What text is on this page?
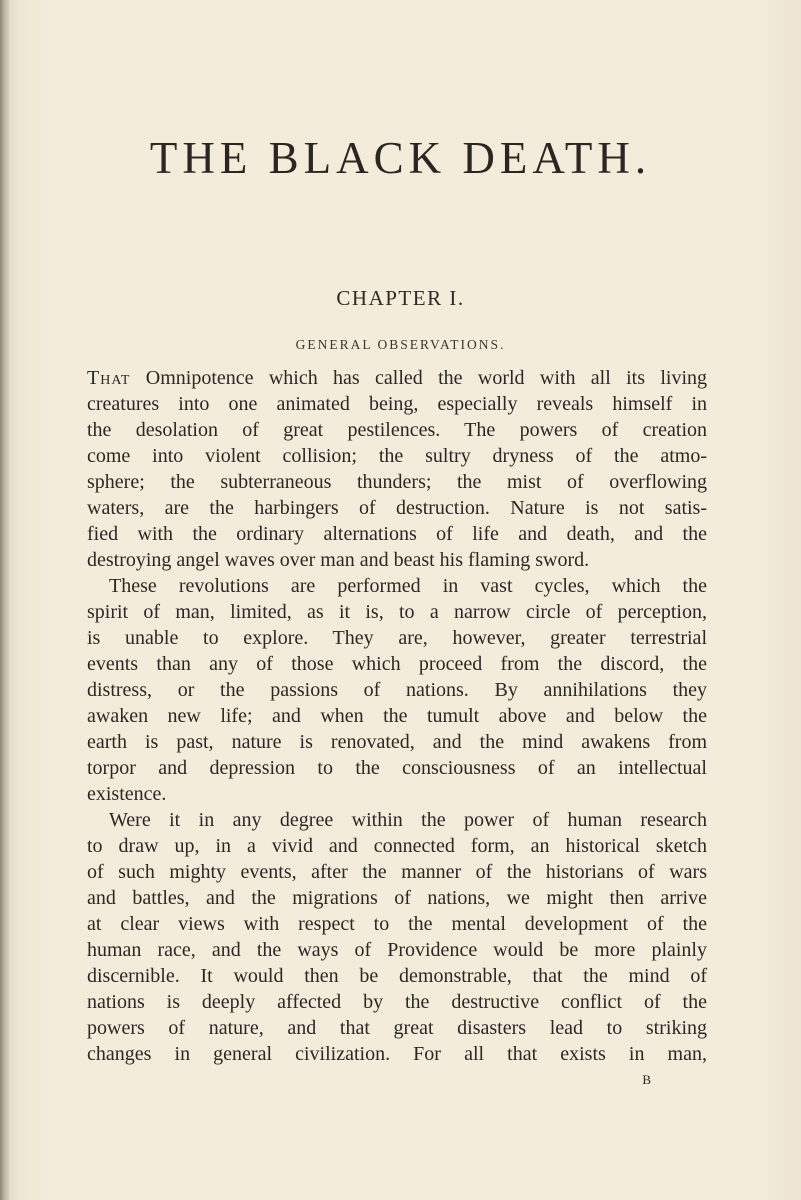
THE BLACK DEATH.
CHAPTER I.
GENERAL OBSERVATIONS.
That Omnipotence which has called the world with all its living
creatures into one animated being, especially reveals himself in
the desolation of great pestilences. The powers of creation
come into violent collision; the sultry dryness of the atmo-
sphere; the subterraneous thunders; the mist of overflowing
waters, are the harbingers of destruction. Nature is not satis-
fied with the ordinary alternations of life and death, and the
destroying angel waves over man and beast his flaming sword.
These revolutions are performed in vast cycles, which the
spirit of man, limited, as it is, to a narrow circle of perception,
is unable to explore. They are, however, greater terrestrial
events than any of those which proceed from the discord, the
distress, or the passions of nations. By annihilations they
awaken new life; and when the tumult above and below the
earth is past, nature is renovated, and the mind awakens from
torpor and depression to the consciousness of an intellectual
existence.
Were it in any degree within the power of human research
to draw up, in a vivid and connected form, an historical sketch
of such mighty events, after the manner of the historians of wars
and battles, and the migrations of nations, we might then arrive
at clear views with respect to the mental development of the
human race, and the ways of Providence would be more plainly
discernible. It would then be demonstrable, that the mind of
nations is deeply affected by the destructive conflict of the
powers of nature, and that great disasters lead to striking
changes in general civilization. For all that exists in man,
B
